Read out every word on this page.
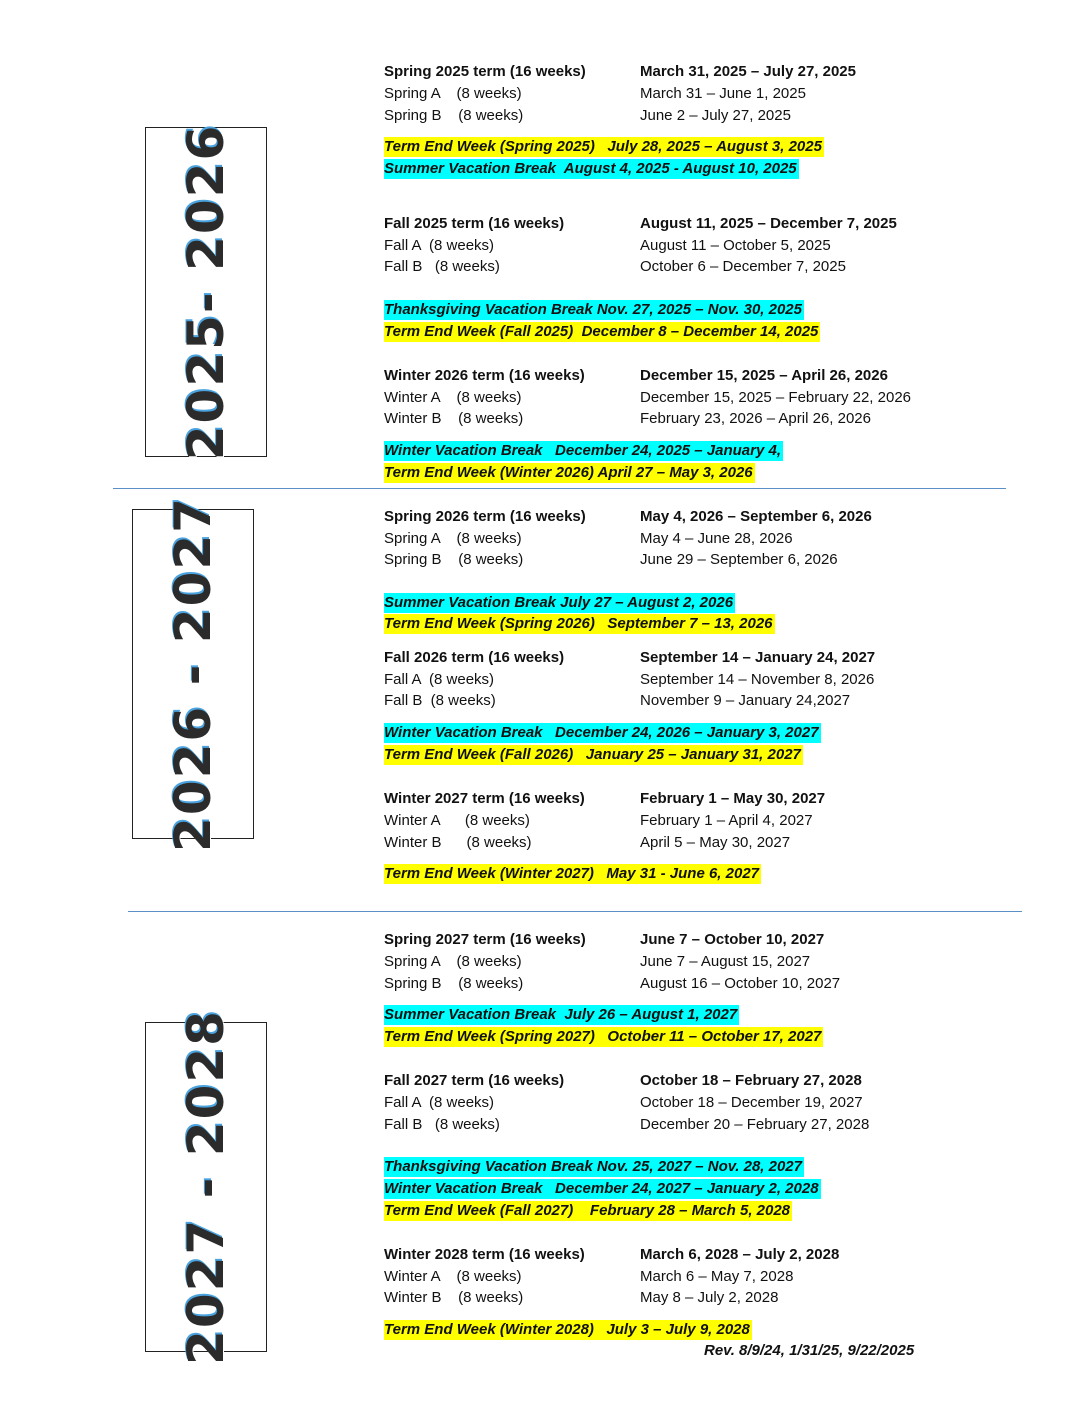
2025- 2026
2026 - 2027
2027 - 2028
Spring 2025 term (16 weeks)	March 31, 2025 – July 27, 2025
Spring A    (8 weeks)	March 31 – June 1, 2025
Spring B    (8 weeks)	June 2 – July 27, 2025
Fall 2025 term (16 weeks)	August 11, 2025 – December 7, 2025
Fall A  (8 weeks)	August 11 – October 5, 2025
Fall B   (8 weeks)	October 6 – December 7, 2025
Winter 2026 term (16 weeks)	December 15, 2025 – April 26, 2026
Winter A    (8 weeks)	December 15, 2025 – February 22, 2026
Winter B    (8 weeks)	February 23, 2026 – April 26, 2026
Spring 2026 term (16 weeks)	May 4, 2026 – September 6, 2026
Spring A    (8 weeks)	May 4 – June 28, 2026
Spring B    (8 weeks)	June 29 – September 6, 2026
Fall 2026 term (16 weeks)	September 14 – January 24, 2027
Fall A  (8 weeks)	September 14 – November 8, 2026
Fall B  (8 weeks)	November 9 – January 24,2027
Winter 2027 term (16 weeks)	February 1 – May 30, 2027
Winter A      (8 weeks)	February 1 – April 4, 2027
Winter B      (8 weeks)	April 5 – May 30, 2027
Spring 2027 term (16 weeks)	June 7 – October 10, 2027
Spring A    (8 weeks)	June 7 – August 15, 2027
Spring B    (8 weeks)	August 16 – October 10, 2027
Fall 2027 term (16 weeks)	October 18 – February 27, 2028
Fall A  (8 weeks)	October 18 – December 19, 2027
Fall B   (8 weeks)	December 20 – February 27, 2028
Winter 2028 term (16 weeks)	March 6, 2028 – July 2, 2028
Winter A    (8 weeks)	March 6 – May 7, 2028
Winter B    (8 weeks)	May 8 – July 2, 2028
Term End Week (Spring 2025)   July 28, 2025 – August 3, 2025
Summer Vacation Break  August 4, 2025 - August 10, 2025
Thanksgiving Vacation Break Nov. 27, 2025 – Nov. 30, 2025
Term End Week (Fall 2025)  December 8 – December 14, 2025
Winter Vacation Break   December 24, 2025 – January 4,
Term End Week (Winter 2026) April 27 – May 3, 2026
Summer Vacation Break July 27 – August 2, 2026
Term End Week (Spring 2026)   September 7 – 13, 2026
Winter Vacation Break   December 24, 2026 – January 3, 2027
Term End Week (Fall 2026)   January 25 – January 31, 2027
Term End Week (Winter 2027)   May 31 - June 6, 2027
Summer Vacation Break  July 26 – August 1, 2027
Term End Week (Spring 2027)   October 11 – October 17, 2027
Thanksgiving Vacation Break Nov. 25, 2027 – Nov. 28, 2027
Winter Vacation Break   December 24, 2027 – January 2, 2028
Term End Week (Fall 2027)    February 28 – March 5, 2028
Term End Week (Winter 2028)   July 3 – July 9, 2028
Rev. 8/9/24, 1/31/25, 9/22/2025
